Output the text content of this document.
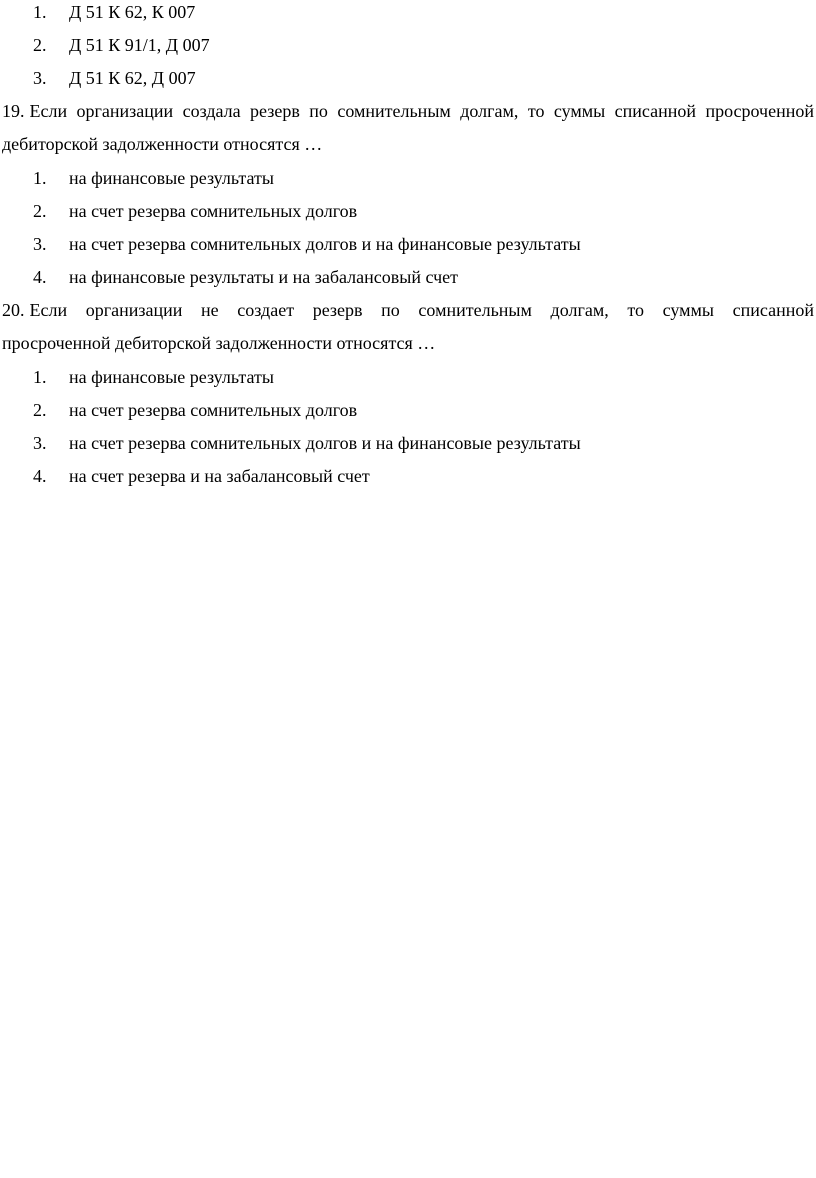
1. Д 51 К 62, К 007
2. Д 51 К 91/1, Д 007
3. Д 51 К 62, Д 007
19. Если организации создала резерв по сомнительным долгам, то суммы списанной просроченной
дебиторской задолженности относятся …
1. на финансовые результаты
2. на счет резерва сомнительных долгов
3. на счет резерва сомнительных долгов и на финансовые результаты
4. на финансовые результаты и на забалансовый счет
20. Если организации не создает резерв по сомнительным долгам, то суммы списанной
просроченной дебиторской задолженности относятся …
1. на финансовые результаты
2. на счет резерва сомнительных долгов
3. на счет резерва сомнительных долгов и на финансовые результаты
4. на счет резерва и на забалансовый счет
